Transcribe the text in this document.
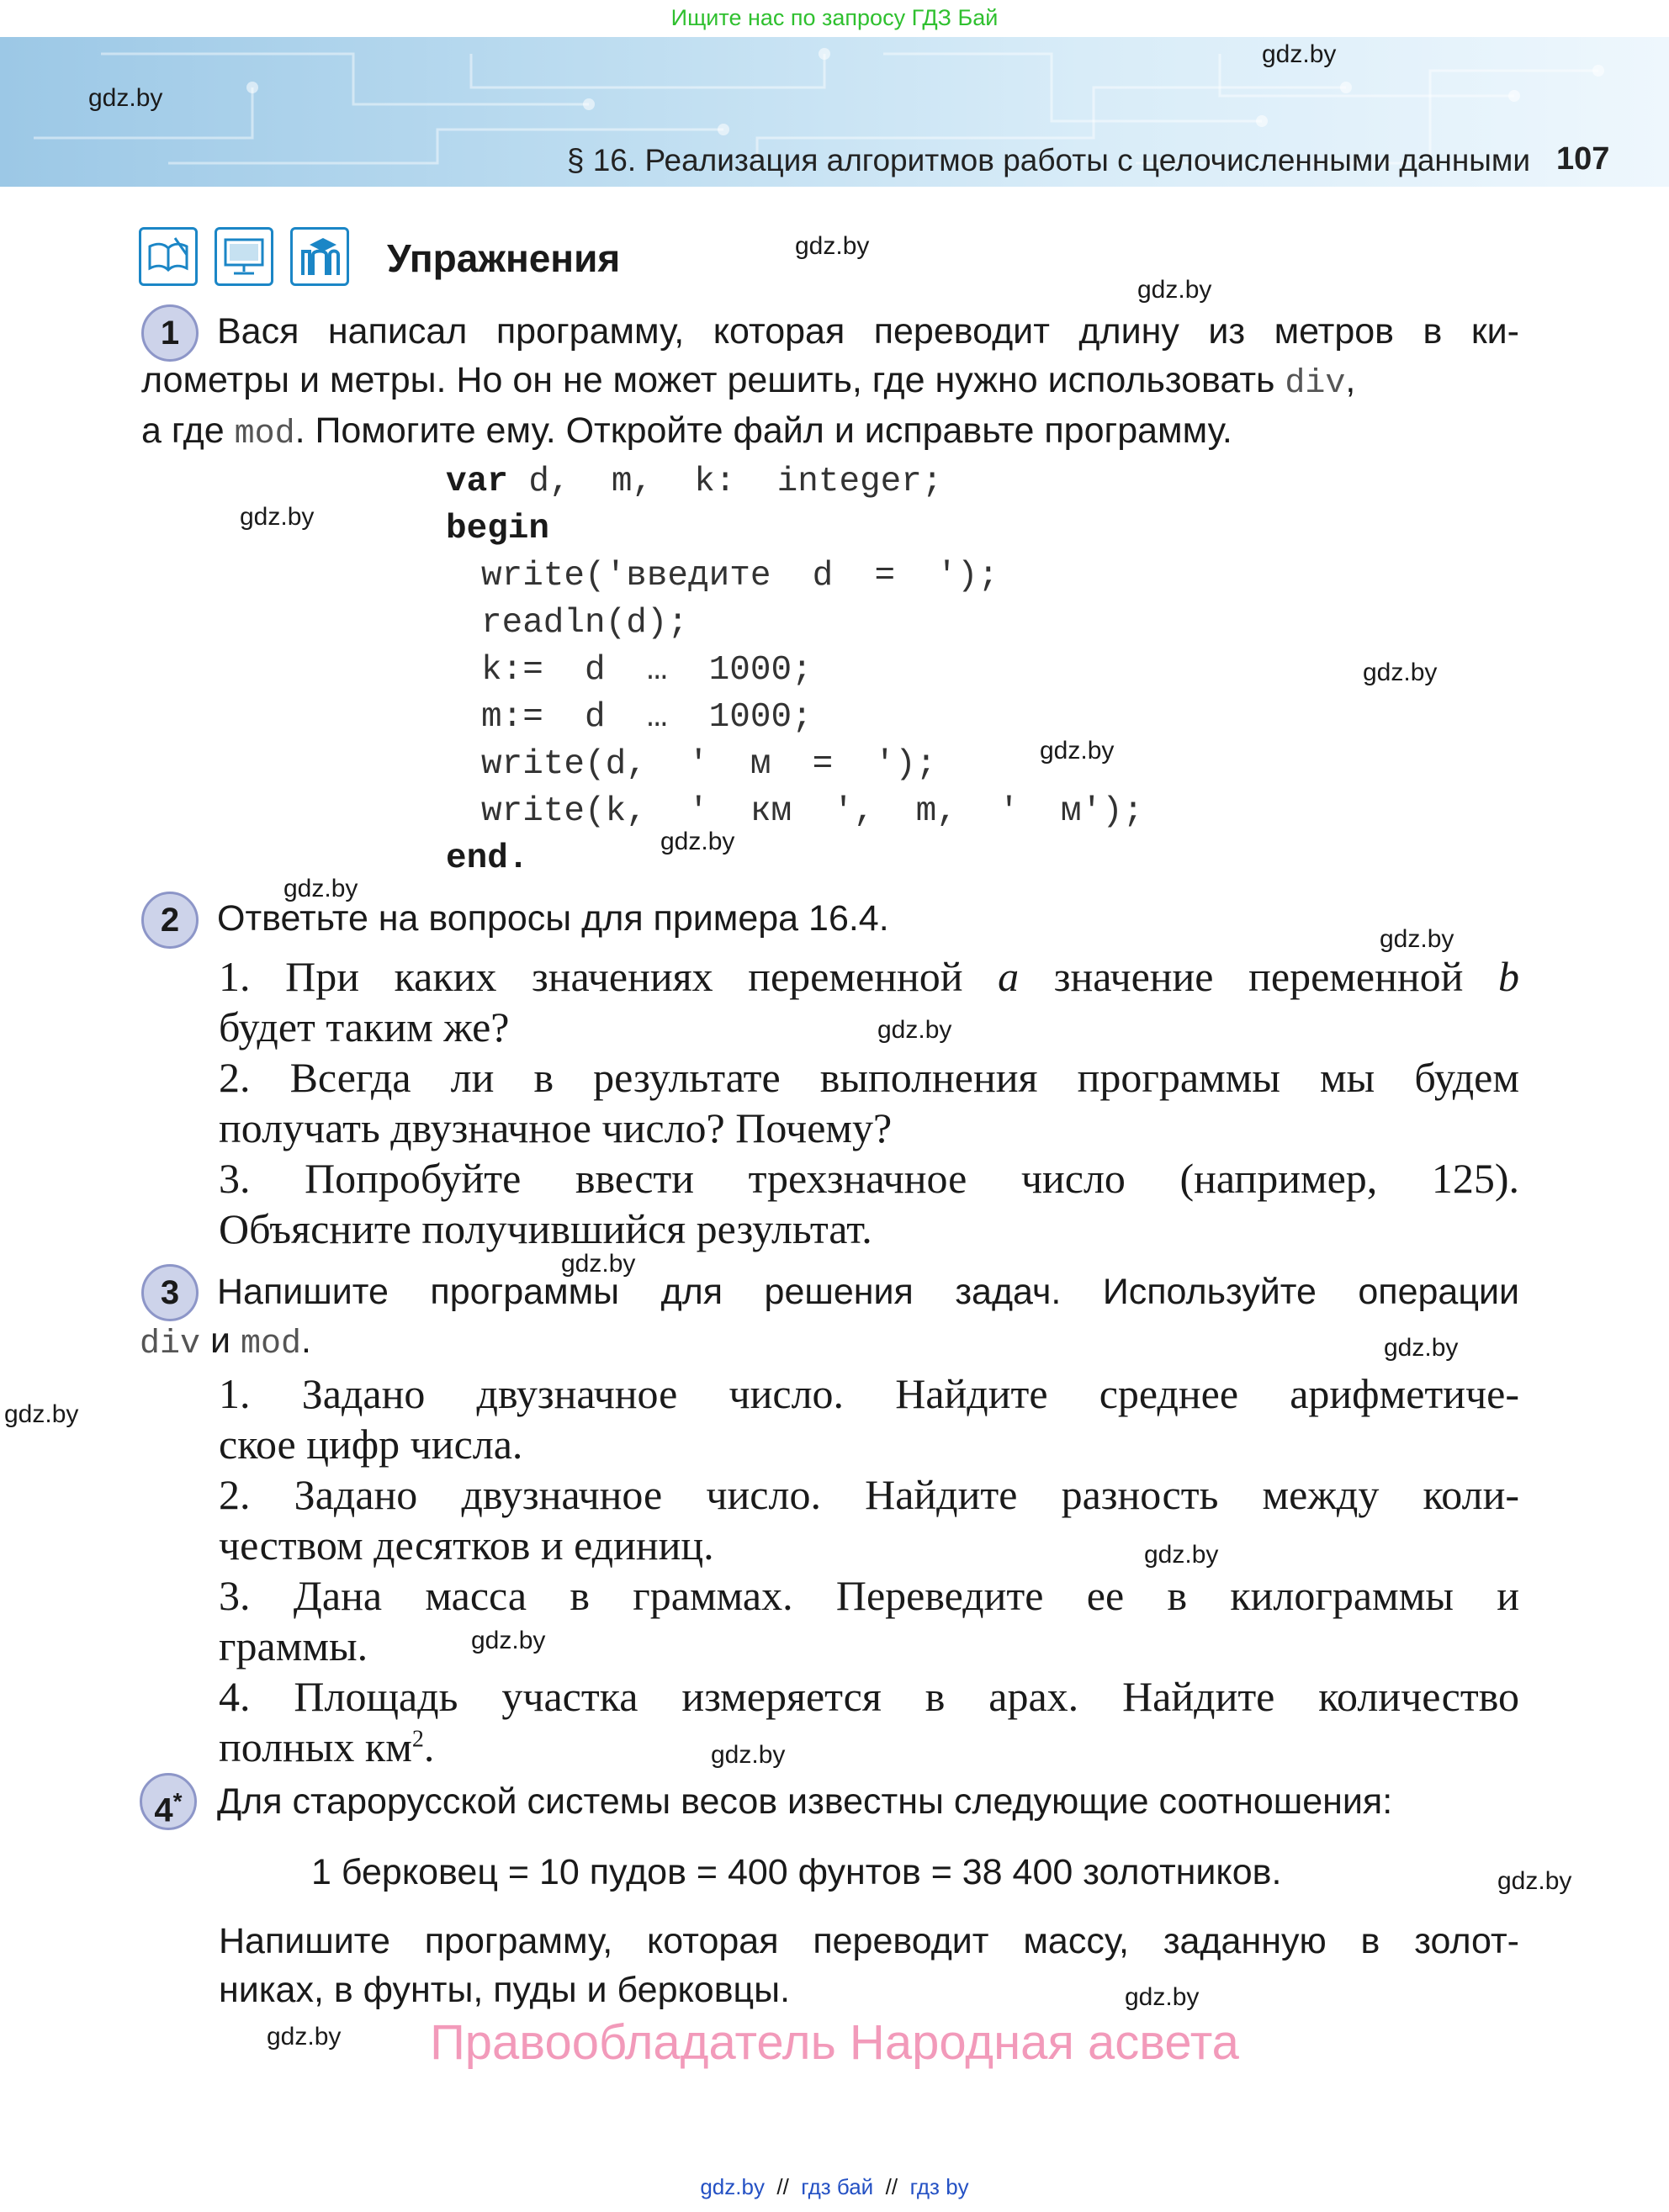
Ищите нас по запросу ГДЗ Бай
§ 16. Реализация алгоритмов работы с целочисленными данными 107
gdz.by
gdz.by
gdz.by
gdz.by
gdz.by
gdz.by
gdz.by
gdz.by
gdz.by
gdz.by
gdz.by
gdz.by
gdz.by
gdz.by
gdz.by
gdz.by
gdz.by
gdz.by
gdz.by
gdz.by
Упражнения
1	Вася написал программу, которая переводит длину из метров в ки-
лометры и метры. Но он не может решить, где нужно использовать div,
а где mod. Помогите ему. Откройте файл и исправьте программу.
var d,  m,  k:  integer;
begin
write('введите  d  =  ');
readln(d);
k:=  d  …  1000;
m:=  d  …  1000;
write(d,  '  м  =  ');
write(k,  '  км  ',  m,  '  м');
end.
2	Ответьте на вопросы для примера 16.4.
1. При каких значениях переменной a значение переменной b
будет таким же?
2. Всегда ли в результате выполнения программы мы будем
получать двузначное число? Почему?
3. Попробуйте ввести трехзначное число (например, 125).
Объясните получившийся результат.
3	Напишите программы для решения задач. Используйте операции
div и mod.
1. Задано двузначное число. Найдите среднее арифметиче-
ское цифр числа.
2. Задано двузначное число. Найдите разность между коли-
чеством десятков и единиц.
3. Дана масса в граммах. Переведите ее в килограммы и
граммы.
4. Площадь участка измеряется в арах. Найдите количество
полных $км^2$.
4* Для старорусской системы весов известны следующие соотношения:
1 берковец = 10 пудов = 400 фунтов = 38 400 золотников.
Напишите программу, которая переводит массу, заданную в золот-
никах, в фунты, пуды и берковцы.
Правообладатель Народная асвета
gdz.by  //  гдз бай  //  гдз by
